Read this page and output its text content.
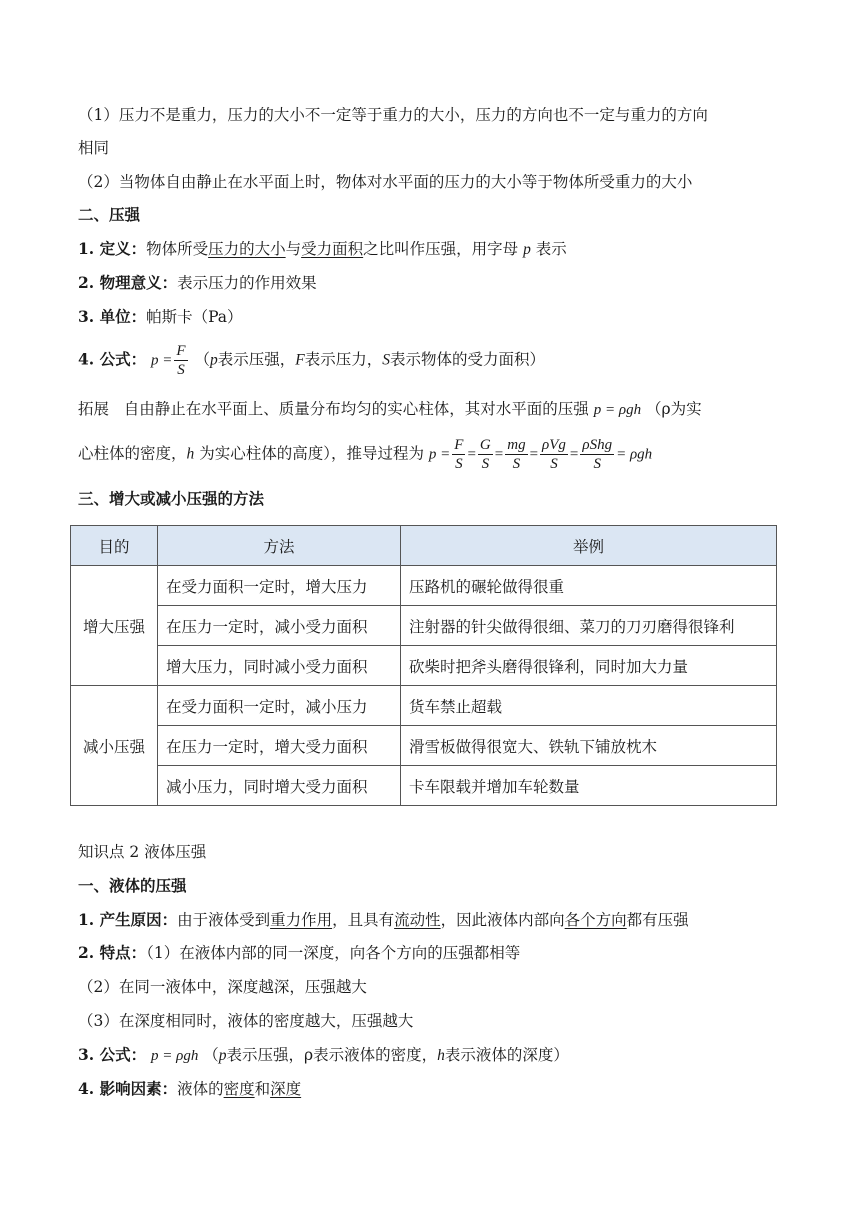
（1）压力不是重力，压力的大小不一定等于重力的大小，压力的方向也不一定与重力的方向
相同
（2）当物体自由静止在水平面上时，物体对水平面的压力的大小等于物体所受重力的大小
二、压强
1. 定义：物体所受压力的大小与受力面积之比叫作压强，用字母 p 表示
2. 物理意义：表示压力的作用效果
3. 单位：帕斯卡（Pa）
4. 公式： $p = \frac{F}{S} (p$表示压强，F表示压力，S表示物体的受力面积）
拓展 自由静止在水平面上、质量分布均匀的实心柱体，其对水平面的压强 p = ρgh （ρ为实
心柱体的密度，h 为实心柱体的高度），推导过程为 $p = \frac{F}{S} = \frac{G}{S} = \frac{mg}{S} = \frac{\text{ρVg}}{S} = \frac{\text{ρShg}}{S} = \rho gh$
三、增大或减小压强的方法
目的	方法	举例
增大压强	在受力面积一定时，增大压力	压路机的碾轮做得很重
	在压力一定时，减小受力面积	注射器的针尖做得很细、菜刀的刀刃磨得很锋利
	增大压力，同时减小受力面积	砍柴时把斧头磨得很锋利，同时加大力量
减小压强	在受力面积一定时，减小压力	货车禁止超载
	在压力一定时，增大受力面积	滑雪板做得很宽大、铁轨下铺放枕木
	减小压力，同时增大受力面积	卡车限载并增加车轮数量
知识点 2 液体压强
一、液体的压强
1. 产生原因：由于液体受到重力作用，且具有流动性，因此液体内部向各个方向都有压强
2. 特点：（1）在液体内部的同一深度，向各个方向的压强都相等
（2）在同一液体中，深度越深，压强越大
（3）在深度相同时，液体的密度越大，压强越大
3. 公式： p = ρgh （p表示压强，ρ表示液体的密度，h表示液体的深度）
4. 影响因素：液体的密度和深度
